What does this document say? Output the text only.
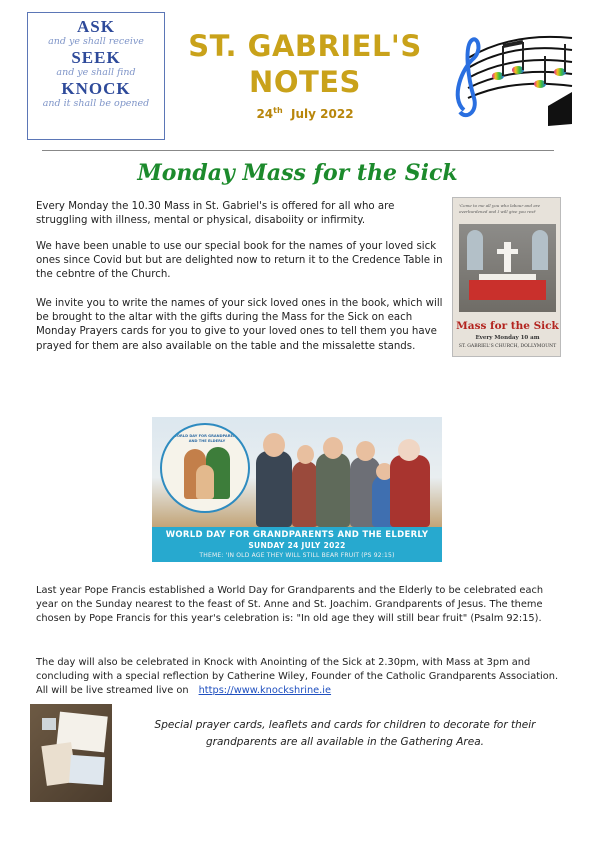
ASK
and ye shall receive
SEEK
and ye shall find
KNOCK
and it shall be opened
ST. GABRIEL'S
NOTES
24th July 2022
Monday Mass for the Sick
Every Monday the 10.30 Mass in St. Gabriel's is offered for all who are struggling with illness, mental or physical, disaboiity or infirmity.
We have been unable to use our special book for the names of your loved sick ones since Covid but but are delighted now to return it to the Credence Table in the cebntre of the Church.
We invite you to write the names of your sick loved ones in the book, which will be brought to the altar with the gifts during the Mass for the Sick on each Monday Prayers cards for you to give to your loved ones to tell them you have prayed for them are also available on the table and the missalette stands.
'Come to me all you who labour and are overburdened and I will give you rest'
Mass for the Sick
Every Monday 10 am
ST. GABRIEL'S CHURCH, DOLLYMOUNT
WORLD DAY FOR GRANDPARENTS AND THE ELDERLY
WORLD DAY FOR GRANDPARENTS AND THE ELDERLY
SUNDAY 24 JULY 2022
THEME: 'IN OLD AGE THEY WILL STILL BEAR FRUIT (PS 92:15)
Last year Pope Francis established a World Day for Grandparents and the Elderly to be celebrated each year on the Sunday nearest to the feast of St. Anne and St. Joachim. Grandparents of Jesus. The theme chosen by Pope Francis for this year's celebration is: "In old age they will still bear fruit" (Psalm 92:15).
The day will also be celebrated in Knock with Anointing of the Sick at 2.30pm, with Mass at 3pm and concluding with a special reflection by Catherine Wiley, Founder of the Catholic Grandparents Association. All will be live streamed live on https://www.knockshrine.ie
Special prayer cards, leaflets and cards for children to decorate for their grandparents are all available in the Gathering Area.
